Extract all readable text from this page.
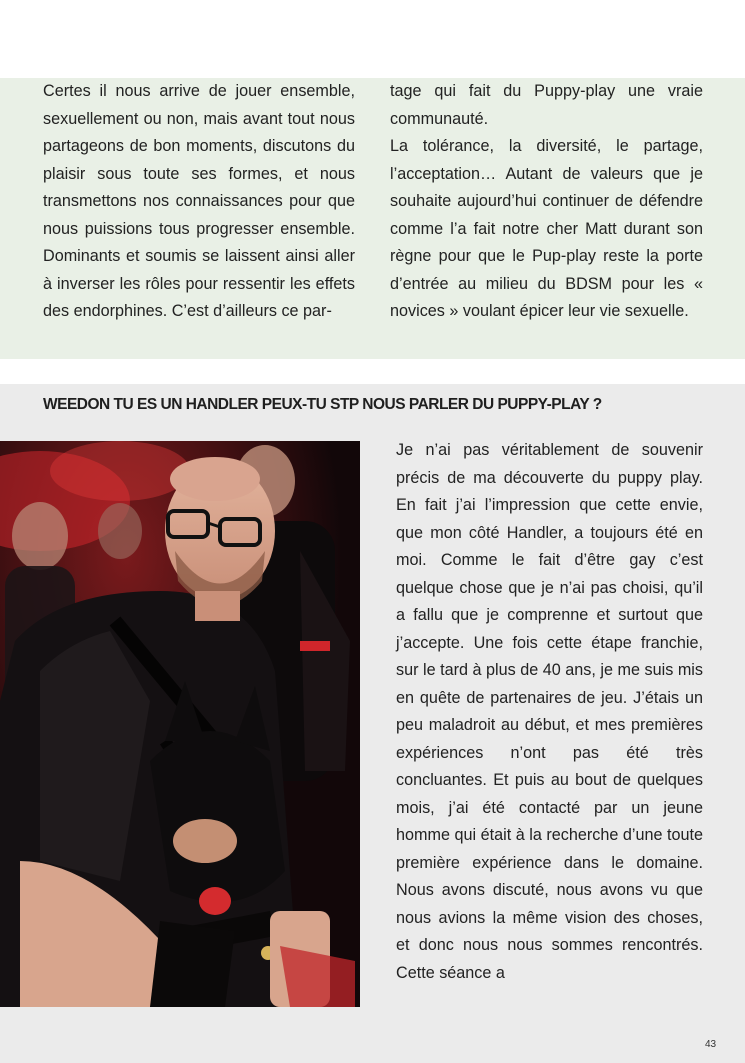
Certes il nous arrive de jouer ensemble, sexuellement ou non, mais avant tout nous partageons de bon moments, discutons du plaisir sous toute ses formes, et nous transmettons nos connaissances pour que nous puissions tous progresser ensemble. Dominants et soumis se laissent ainsi aller à inverser les rôles pour ressentir les effets des endorphines. C’est d’ailleurs ce par-

tage qui fait du Puppy-play une vraie communauté.

La tolérance, la diversité, le partage, l’acceptation… Autant de valeurs que je souhaite aujourd’hui continuer de défendre comme l’a fait notre cher Matt durant son règne pour que le Pup-play reste la porte d’entrée au milieu du BDSM pour les « novices » voulant épicer leur vie sexuelle.

WEEDON TU ES UN HANDLER PEUX-TU STP NOUS PARLER DU PUPPY-PLAY ?

Je n’ai pas véritablement de souvenir précis de ma découverte du puppy play. En fait j’ai l’impression que cette envie, que mon côté Handler, a toujours été en moi. Comme le fait d’être gay c’est quelque chose que je n’ai pas choisi, qu’il a fallu que je comprenne et surtout que j’accepte. Une fois cette étape franchie, sur le tard à plus de 40 ans, je me suis mis en quête de partenaires de jeu. J’étais un peu maladroit au début, et mes premières expériences n’ont pas été très concluantes. Et puis au bout de quelques mois, j’ai été contacté par un jeune homme qui était à la recherche d’une toute première expérience dans le domaine. Nous avons discuté, nous avons vu que nous avions la même vision des choses, et donc nous nous sommes rencontrés. Cette séance a

43
